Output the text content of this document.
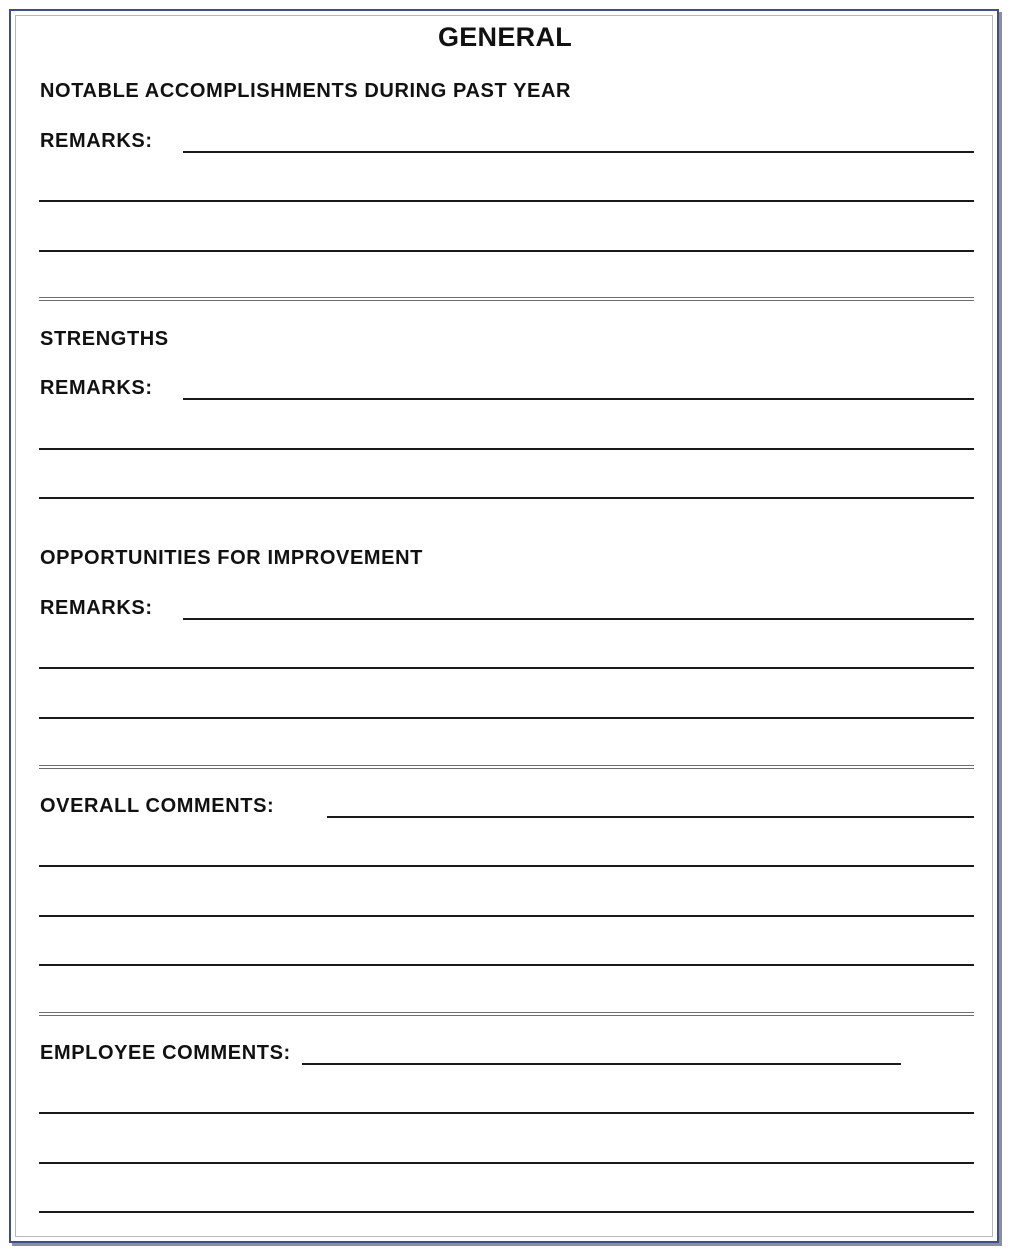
GENERAL
NOTABLE ACCOMPLISHMENTS DURING PAST YEAR
REMARKS:
STRENGTHS
REMARKS:
OPPORTUNITIES FOR IMPROVEMENT
REMARKS:
OVERALL COMMENTS:
EMPLOYEE COMMENTS:
